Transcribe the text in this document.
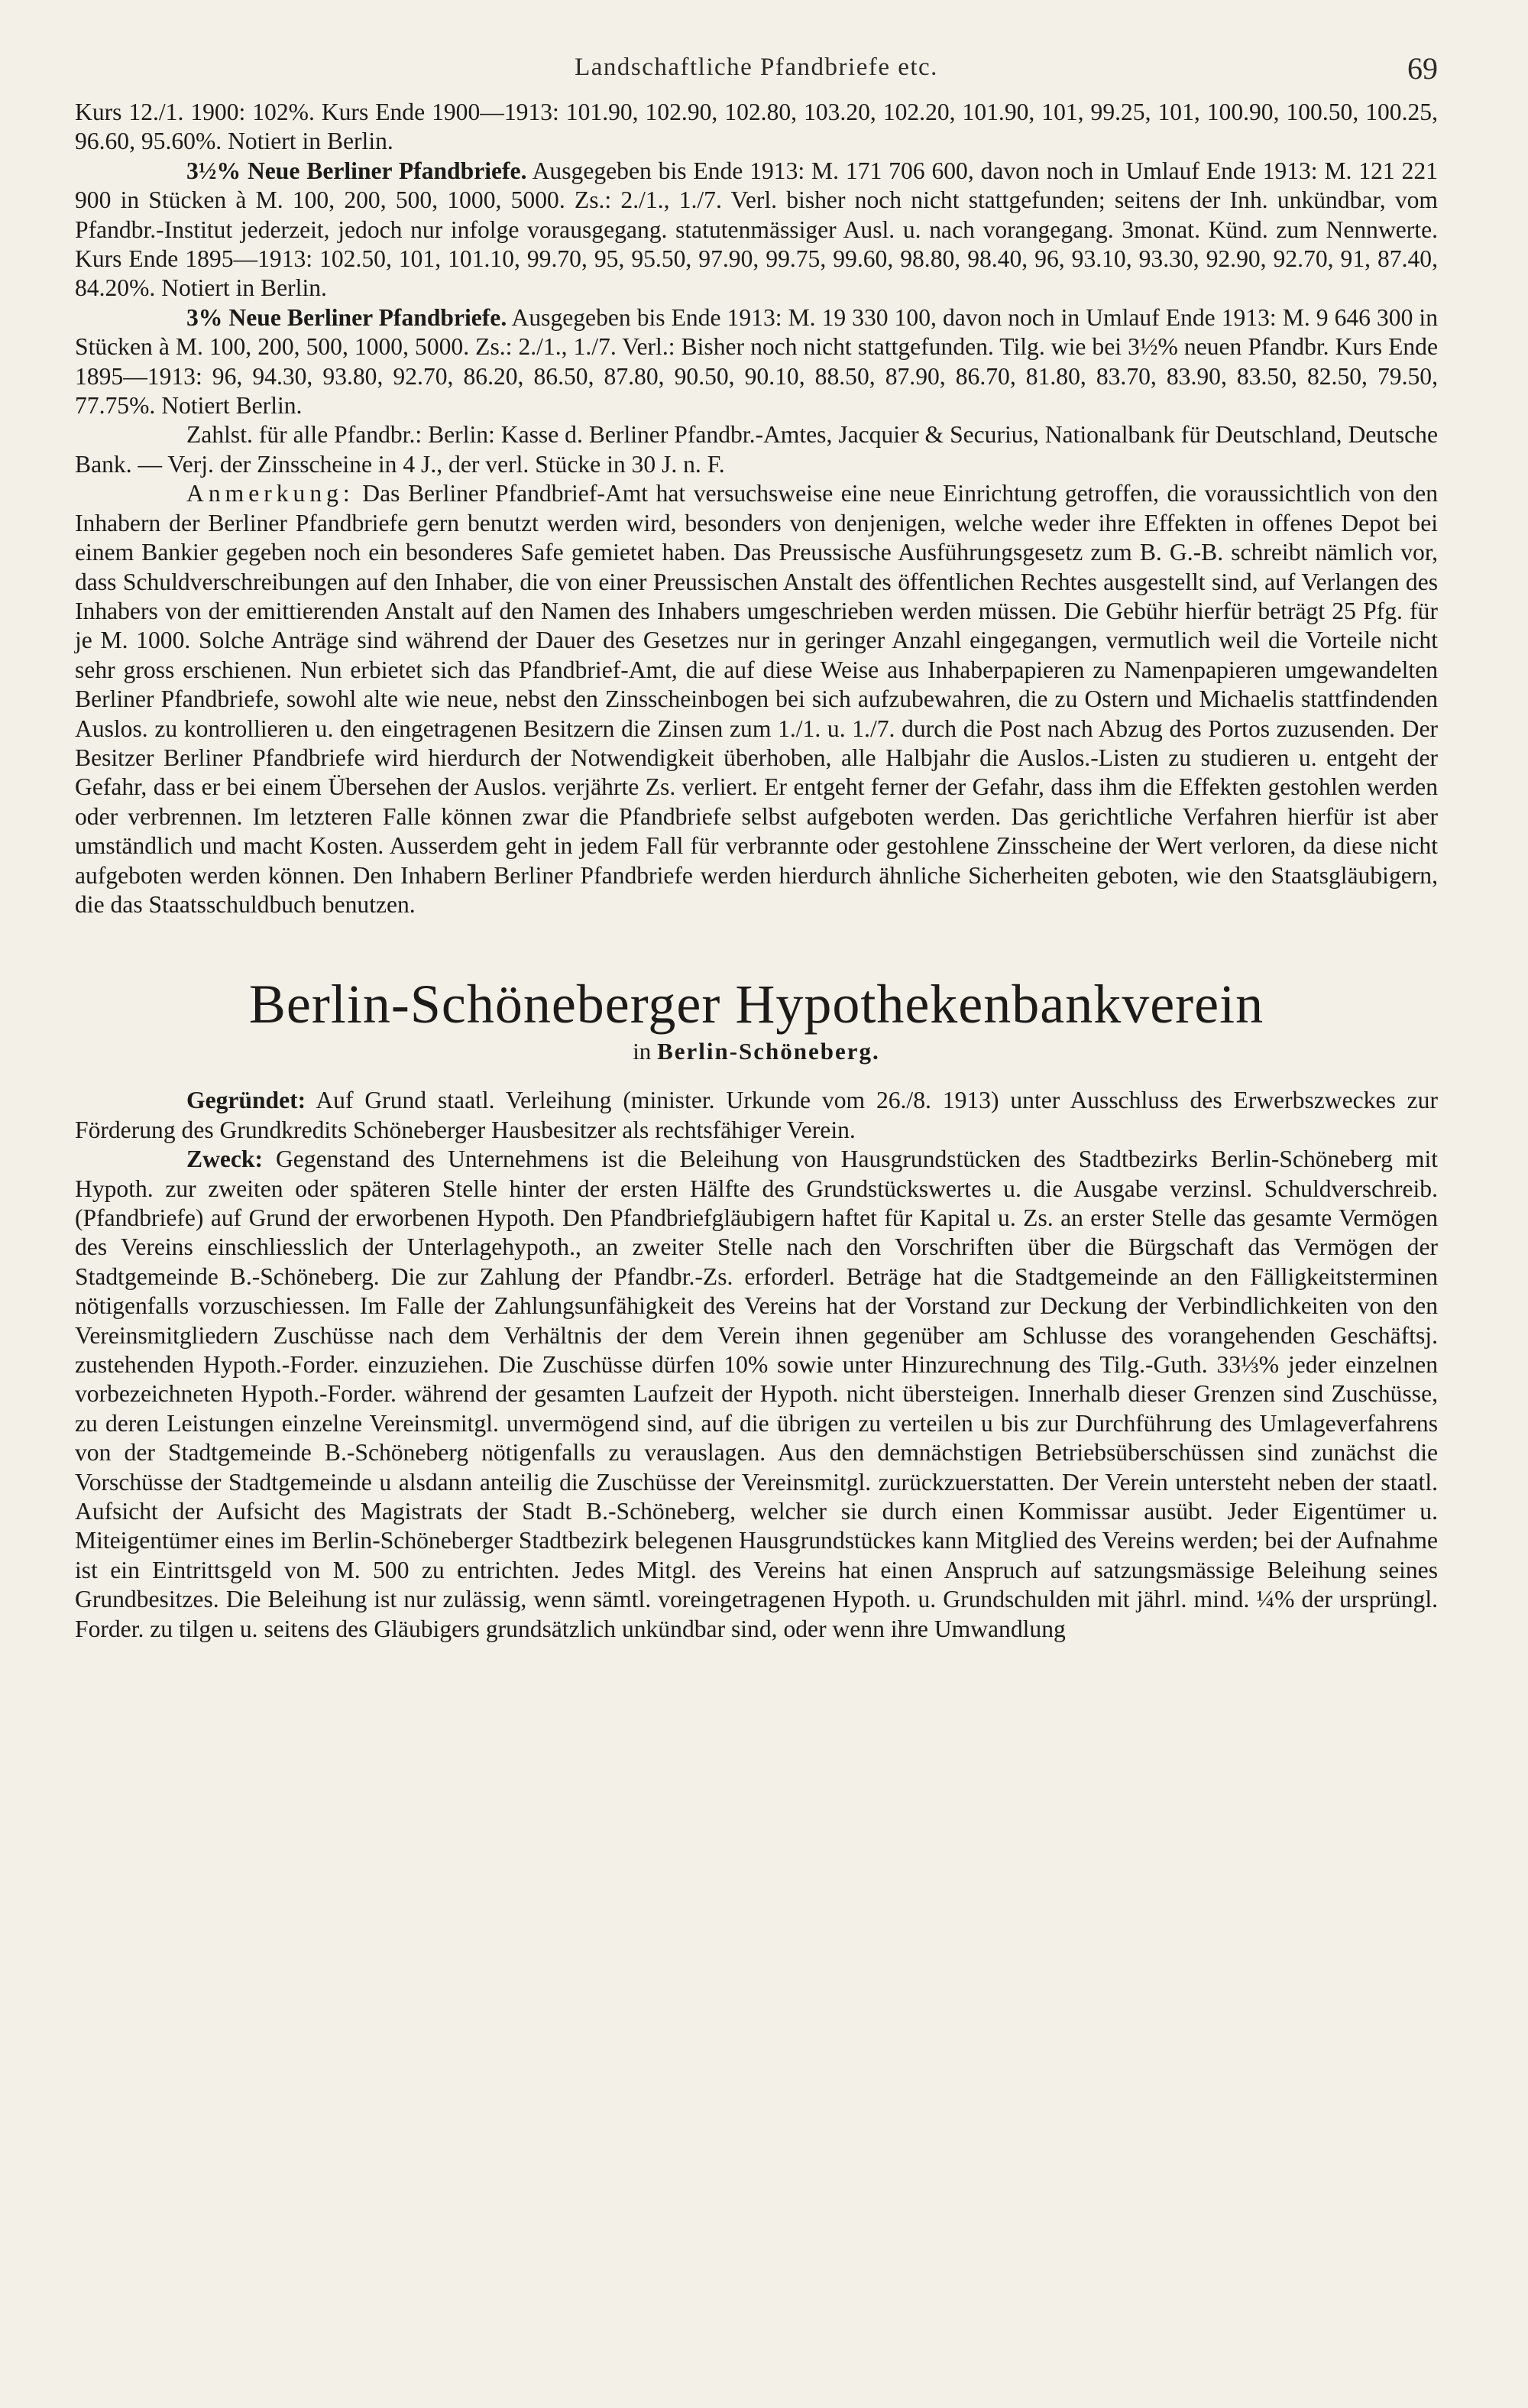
Landschaftliche Pfandbriefe etc.	69

Kurs 12./1. 1900: 102%. Kurs Ende 1900—1913: 101.90, 102.90, 102.80, 103.20, 102.20, 101.90, 101, 99.25, 101, 100.90, 100.50, 100.25, 96.60, 95.60%. Notiert in Berlin.

3½% Neue Berliner Pfandbriefe. Ausgegeben bis Ende 1913: M. 171 706 600, davon noch in Umlauf Ende 1913: M. 121 221 900 in Stücken à M. 100, 200, 500, 1000, 5000. Zs.: 2./1., 1./7. Verl. bisher noch nicht stattgefunden; seitens der Inh. unkündbar, vom Pfandbr.-Institut jederzeit, jedoch nur infolge vorausgegang. statutenmässiger Ausl. u. nach vorangegang. 3monat. Künd. zum Nennwerte. Kurs Ende 1895—1913: 102.50, 101, 101.10, 99.70, 95, 95.50, 97.90, 99.75, 99.60, 98.80, 98.40, 96, 93.10, 93.30, 92.90, 92.70, 91, 87.40, 84.20%. Notiert in Berlin.

3% Neue Berliner Pfandbriefe. Ausgegeben bis Ende 1913: M. 19 330 100, davon noch in Umlauf Ende 1913: M. 9 646 300 in Stücken à M. 100, 200, 500, 1000, 5000. Zs.: 2./1., 1./7. Verl.: Bisher noch nicht stattgefunden. Tilg. wie bei 3½% neuen Pfandbr. Kurs Ende 1895—1913: 96, 94.30, 93.80, 92.70, 86.20, 86.50, 87.80, 90.50, 90.10, 88.50, 87.90, 86.70, 81.80, 83.70, 83.90, 83.50, 82.50, 79.50, 77.75%. Notiert Berlin.

Zahlst. für alle Pfandbr.: Berlin: Kasse d. Berliner Pfandbr.-Amtes, Jacquier & Securius, Nationalbank für Deutschland, Deutsche Bank. — Verj. der Zinsscheine in 4 J., der verl. Stücke in 30 J. n. F.

Anmerkung: Das Berliner Pfandbrief-Amt hat versuchsweise eine neue Einrichtung getroffen, die voraussichtlich von den Inhabern der Berliner Pfandbriefe gern benutzt werden wird, besonders von denjenigen, welche weder ihre Effekten in offenes Depot bei einem Bankier gegeben noch ein besonderes Safe gemietet haben. Das Preussische Ausführungsgesetz zum B. G.-B. schreibt nämlich vor, dass Schuldverschreibungen auf den Inhaber, die von einer Preussischen Anstalt des öffentlichen Rechtes ausgestellt sind, auf Verlangen des Inhabers von der emittierenden Anstalt auf den Namen des Inhabers umgeschrieben werden müssen. Die Gebühr hierfür beträgt 25 Pfg. für je M. 1000. Solche Anträge sind während der Dauer des Gesetzes nur in geringer Anzahl eingegangen, vermutlich weil die Vorteile nicht sehr gross erschienen. Nun erbietet sich das Pfandbrief-Amt, die auf diese Weise aus Inhaberpapieren zu Namenpapieren umgewandelten Berliner Pfandbriefe, sowohl alte wie neue, nebst den Zinsscheinbogen bei sich aufzubewahren, die zu Ostern und Michaelis stattfindenden Auslos. zu kontrollieren u. den eingetragenen Besitzern die Zinsen zum 1./1. u. 1./7. durch die Post nach Abzug des Portos zuzusenden. Der Besitzer Berliner Pfandbriefe wird hierdurch der Notwendigkeit überhoben, alle Halbjahr die Auslos.-Listen zu studieren u. entgeht der Gefahr, dass er bei einem Übersehen der Auslos. verjährte Zs. verliert. Er entgeht ferner der Gefahr, dass ihm die Effekten gestohlen werden oder verbrennen. Im letzteren Falle können zwar die Pfandbriefe selbst aufgeboten werden. Das gerichtliche Verfahren hierfür ist aber umständlich und macht Kosten. Ausserdem geht in jedem Fall für verbrannte oder gestohlene Zinsscheine der Wert verloren, da diese nicht aufgeboten werden können. Den Inhabern Berliner Pfandbriefe werden hierdurch ähnliche Sicherheiten geboten, wie den Staatsgläubigern, die das Staatsschuldbuch benutzen.

Berlin-Schöneberger Hypothekenbankverein
in Berlin-Schöneberg.

Gegründet: Auf Grund staatl. Verleihung (minister. Urkunde vom 26./8. 1913) unter Ausschluss des Erwerbszweckes zur Förderung des Grundkredits Schöneberger Hausbesitzer als rechtsfähiger Verein.

Zweck: Gegenstand des Unternehmens ist die Beleihung von Hausgrundstücken des Stadtbezirks Berlin-Schöneberg mit Hypoth. zur zweiten oder späteren Stelle hinter der ersten Hälfte des Grundstückswertes u. die Ausgabe verzinsl. Schuldverschreib. (Pfandbriefe) auf Grund der erworbenen Hypoth. Den Pfandbriefgläubigern haftet für Kapital u. Zs. an erster Stelle das gesamte Vermögen des Vereins einschliesslich der Unterlagehypoth., an zweiter Stelle nach den Vorschriften über die Bürgschaft das Vermögen der Stadtgemeinde B.-Schöneberg. Die zur Zahlung der Pfandbr.-Zs. erforderl. Beträge hat die Stadtgemeinde an den Fälligkeitsterminen nötigenfalls vorzuschiessen. Im Falle der Zahlungsunfähigkeit des Vereins hat der Vorstand zur Deckung der Verbindlichkeiten von den Vereinsmitgliedern Zuschüsse nach dem Verhältnis der dem Verein ihnen gegenüber am Schlusse des vorangehenden Geschäftsj. zustehenden Hypoth.-Forder. einzuziehen. Die Zuschüsse dürfen 10% sowie unter Hinzurechnung des Tilg.-Guth. 33⅓% jeder einzelnen vorbezeichneten Hypoth.-Forder. während der gesamten Laufzeit der Hypoth. nicht übersteigen. Innerhalb dieser Grenzen sind Zuschüsse, zu deren Leistungen einzelne Vereinsmitgl. unvermögend sind, auf die übrigen zu verteilen u bis zur Durchführung des Umlageverfahrens von der Stadtgemeinde B.-Schöneberg nötigenfalls zu verauslagen. Aus den demnächstigen Betriebsüberschüssen sind zunächst die Vorschüsse der Stadtgemeinde u alsdann anteilig die Zuschüsse der Vereinsmitgl. zurückzuerstatten. Der Verein untersteht neben der staatl. Aufsicht der Aufsicht des Magistrats der Stadt B.-Schöneberg, welcher sie durch einen Kommissar ausübt. Jeder Eigentümer u. Miteigentümer eines im Berlin-Schöneberger Stadtbezirk belegenen Hausgrundstückes kann Mitglied des Vereins werden; bei der Aufnahme ist ein Eintrittsgeld von M. 500 zu entrichten. Jedes Mitgl. des Vereins hat einen Anspruch auf satzungsmässige Beleihung seines Grundbesitzes. Die Beleihung ist nur zulässig, wenn sämtl. voreingetragenen Hypoth. u. Grundschulden mit jährl. mind. ¼% der ursprüngl. Forder. zu tilgen u. seitens des Gläubigers grundsätzlich unkündbar sind, oder wenn ihre Umwandlung
